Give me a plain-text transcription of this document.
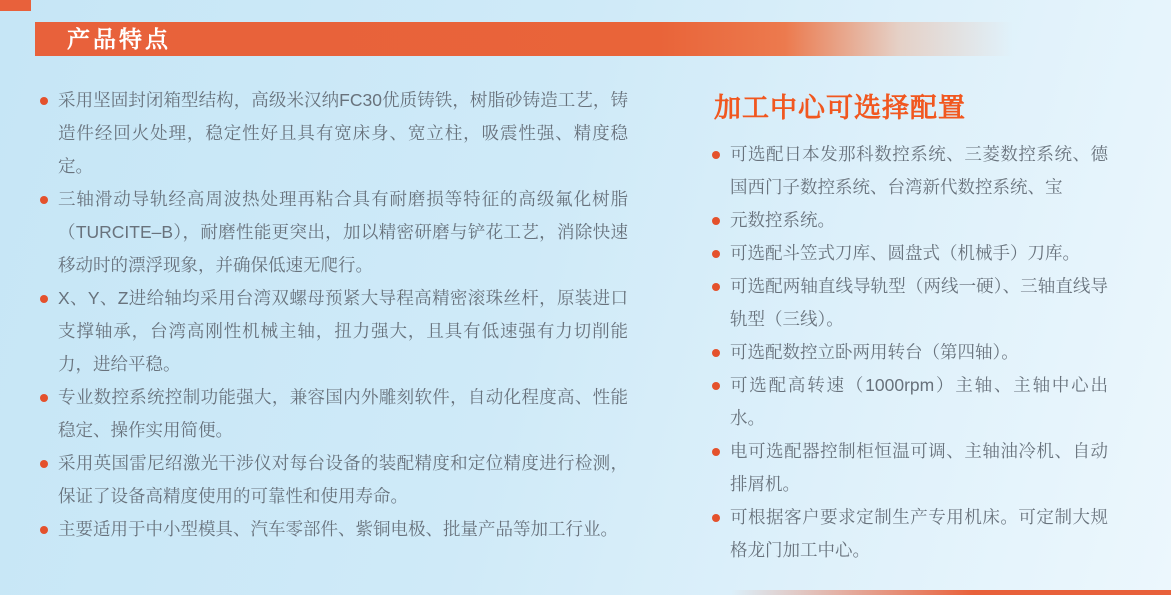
产品特点
采用坚固封闭箱型结构，高级米汉纳FC30优质铸铁，树脂砂铸造工艺，铸造件经回火处理，稳定性好且具有宽床身、宽立柱，吸震性强、精度稳定。
三轴滑动导轨经高周波热处理再粘合具有耐磨损等特征的高级氟化树脂（TURCITE–B），耐磨性能更突出，加以精密研磨与铲花工艺，消除快速移动时的漂浮现象，并确保低速无爬行。
X、Y、Z进给轴均采用台湾双螺母预紧大导程高精密滚珠丝杆，原装进口支撑轴承，台湾高刚性机械主轴，扭力强大，且具有低速强有力切削能力，进给平稳。
专业数控系统控制功能强大，兼容国内外雕刻软件，自动化程度高、性能稳定、操作实用简便。
采用英国雷尼绍激光干涉仪对每台设备的装配精度和定位精度进行检测，保证了设备高精度使用的可靠性和使用寿命。
主要适用于中小型模具、汽车零部件、紫铜电极、批量产品等加工行业。
加工中心可选择配置
可选配日本发那科数控系统、三菱数控系统、德国西门子数控系统、台湾新代数控系统、宝
元数控系统。
可选配斗笠式刀库、圆盘式（机械手）刀库。
可选配两轴直线导轨型（两线一硬）、三轴直线导轨型（三线）。
可选配数控立卧两用转台（第四轴）。
可选配高转速（1000rpm）主轴、主轴中心出水。
电可选配器控制柜恒温可调、主轴油冷机、自动排屑机。
可根据客户要求定制生产专用机床。可定制大规格龙门加工中心。
